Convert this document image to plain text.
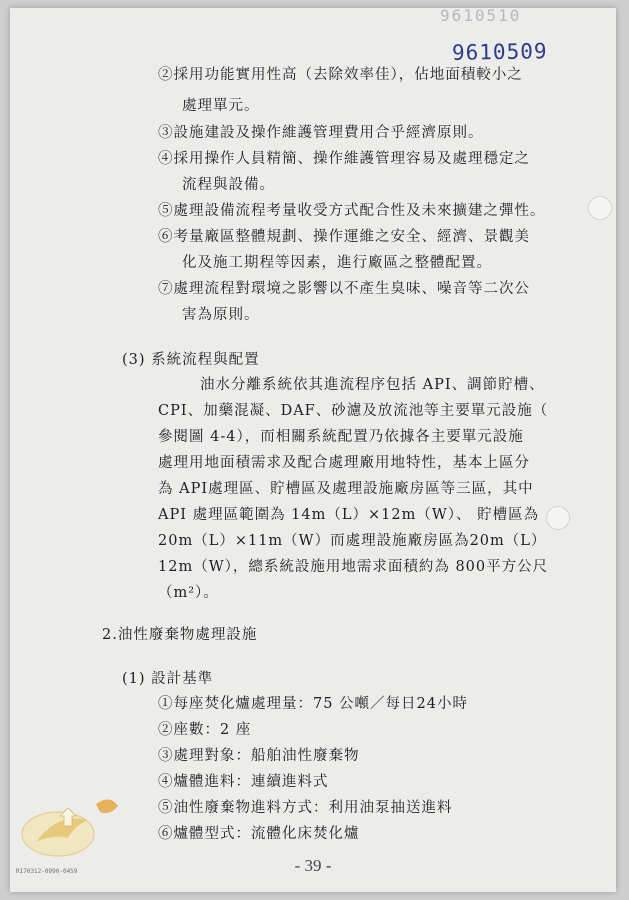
9610510
9610509
②採用功能實用性高（去除效率佳），佔地面積較小之
處理單元。
③設施建設及操作維護管理費用合乎經濟原則。
④採用操作人員精簡、操作維護管理容易及處理穩定之
流程與設備。
⑤處理設備流程考量收受方式配合性及未來擴建之彈性。
⑥考量廠區整體規劃、操作運維之安全、經濟、景觀美
化及施工期程等因素，進行廠區之整體配置。
⑦處理流程對環境之影響以不產生臭味、噪音等二次公
害為原則。
(3) 系統流程與配置
油水分離系統依其進流程序包括 API、調節貯槽、
CPI、加藥混凝、DAF、砂濾及放流池等主要單元設施（
參閱圖 4-4），而相關系統配置乃依據各主要單元設施
處理用地面積需求及配合處理廠用地特性，基本上區分
為 API處理區、貯槽區及處理設施廠房區等三區，其中
API 處理區範圍為 14m（L）×12m（W）、 貯槽區為
20m（L）×11m（W）而處理設施廠房區為20m（L）
12m（W），總系統設施用地需求面積約為 800平方公尺
（m²）。
2.油性廢棄物處理設施
(1) 設計基準
①每座焚化爐處理量：75 公噸／每日24小時
②座數：2 座
③處理對象：船舶油性廢棄物
④爐體進料：連續進料式
⑤油性廢棄物進料方式：利用油泵抽送進料
⑥爐體型式：流體化床焚化爐
- 39 -
R170312-0990-0459
